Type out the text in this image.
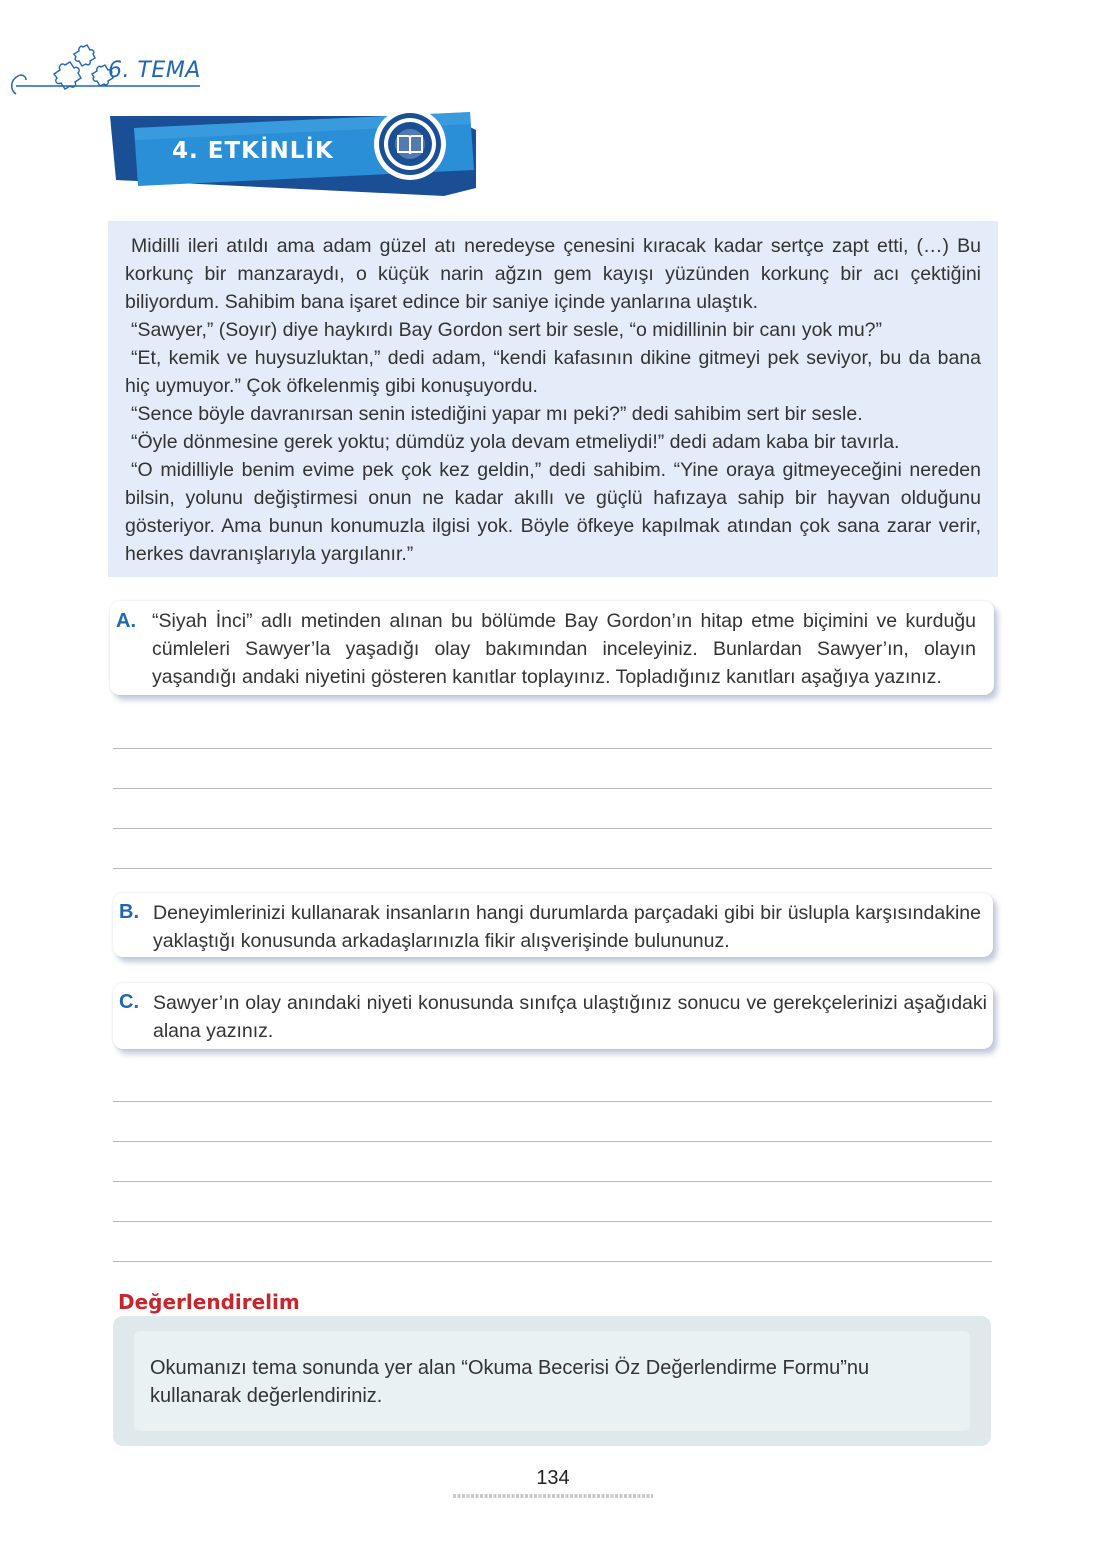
6. TEMA
4. ETKİNLİK

Midilli ileri atıldı ama adam güzel atı neredeyse çenesini kıracak kadar sertçe zapt etti, (…) Bu korkunç bir manzaraydı, o küçük narin ağzın gem kayışı yüzünden korkunç bir acı çektiğini biliyordum. Sahibim bana işaret edince bir saniye içinde yanlarına ulaştık.

“Sawyer,” (Soyır) diye haykırdı Bay Gordon sert bir sesle, “o midillinin bir canı yok mu?”

“Et, kemik ve huysuzluktan,” dedi adam, “kendi kafasının dikine gitmeyi pek seviyor, bu da bana hiç uymuyor.” Çok öfkelenmiş gibi konuşuyordu.

“Sence böyle davranırsan senin istediğini yapar mı peki?” dedi sahibim sert bir sesle.

“Öyle dönmesine gerek yoktu; dümdüz yola devam etmeliydi!” dedi adam kaba bir tavırla.

“O midilliyle benim evime pek çok kez geldin,” dedi sahibim. “Yine oraya gitmeyeceğini nereden bilsin, yolunu değiştirmesi onun ne kadar akıllı ve güçlü hafızaya sahip bir hayvan olduğunu gösteriyor. Ama bunun konumuzla ilgisi yok. Böyle öfkeye kapılmak atından çok sana zarar verir, herkes davranışlarıyla yargılanır.”

A. “Siyah İnci” adlı metinden alınan bu bölümde Bay Gordon’ın hitap etme biçimini ve kurduğu cümleleri Sawyer’la yaşadığı olay bakımından inceleyiniz. Bunlardan Sawyer’ın, olayın yaşandığı andaki niyetini gösteren kanıtlar toplayınız. Topladığınız kanıtları aşağıya yazınız.
B. Deneyimlerinizi kullanarak insanların hangi durumlarda parçadaki gibi bir üslupla karşısındakine yaklaştığı konusunda arkadaşlarınızla fikir alışverişinde bulununuz.
C. Sawyer’ın olay anındaki niyeti konusunda sınıfça ulaştığınız sonucu ve gerekçelerinizi aşağıdaki alana yazınız.
Değerlendirelim
Okumanızı tema sonunda yer alan “Okuma Becerisi Öz Değerlendirme Formu”nu kullanarak değerlendiriniz.
134
